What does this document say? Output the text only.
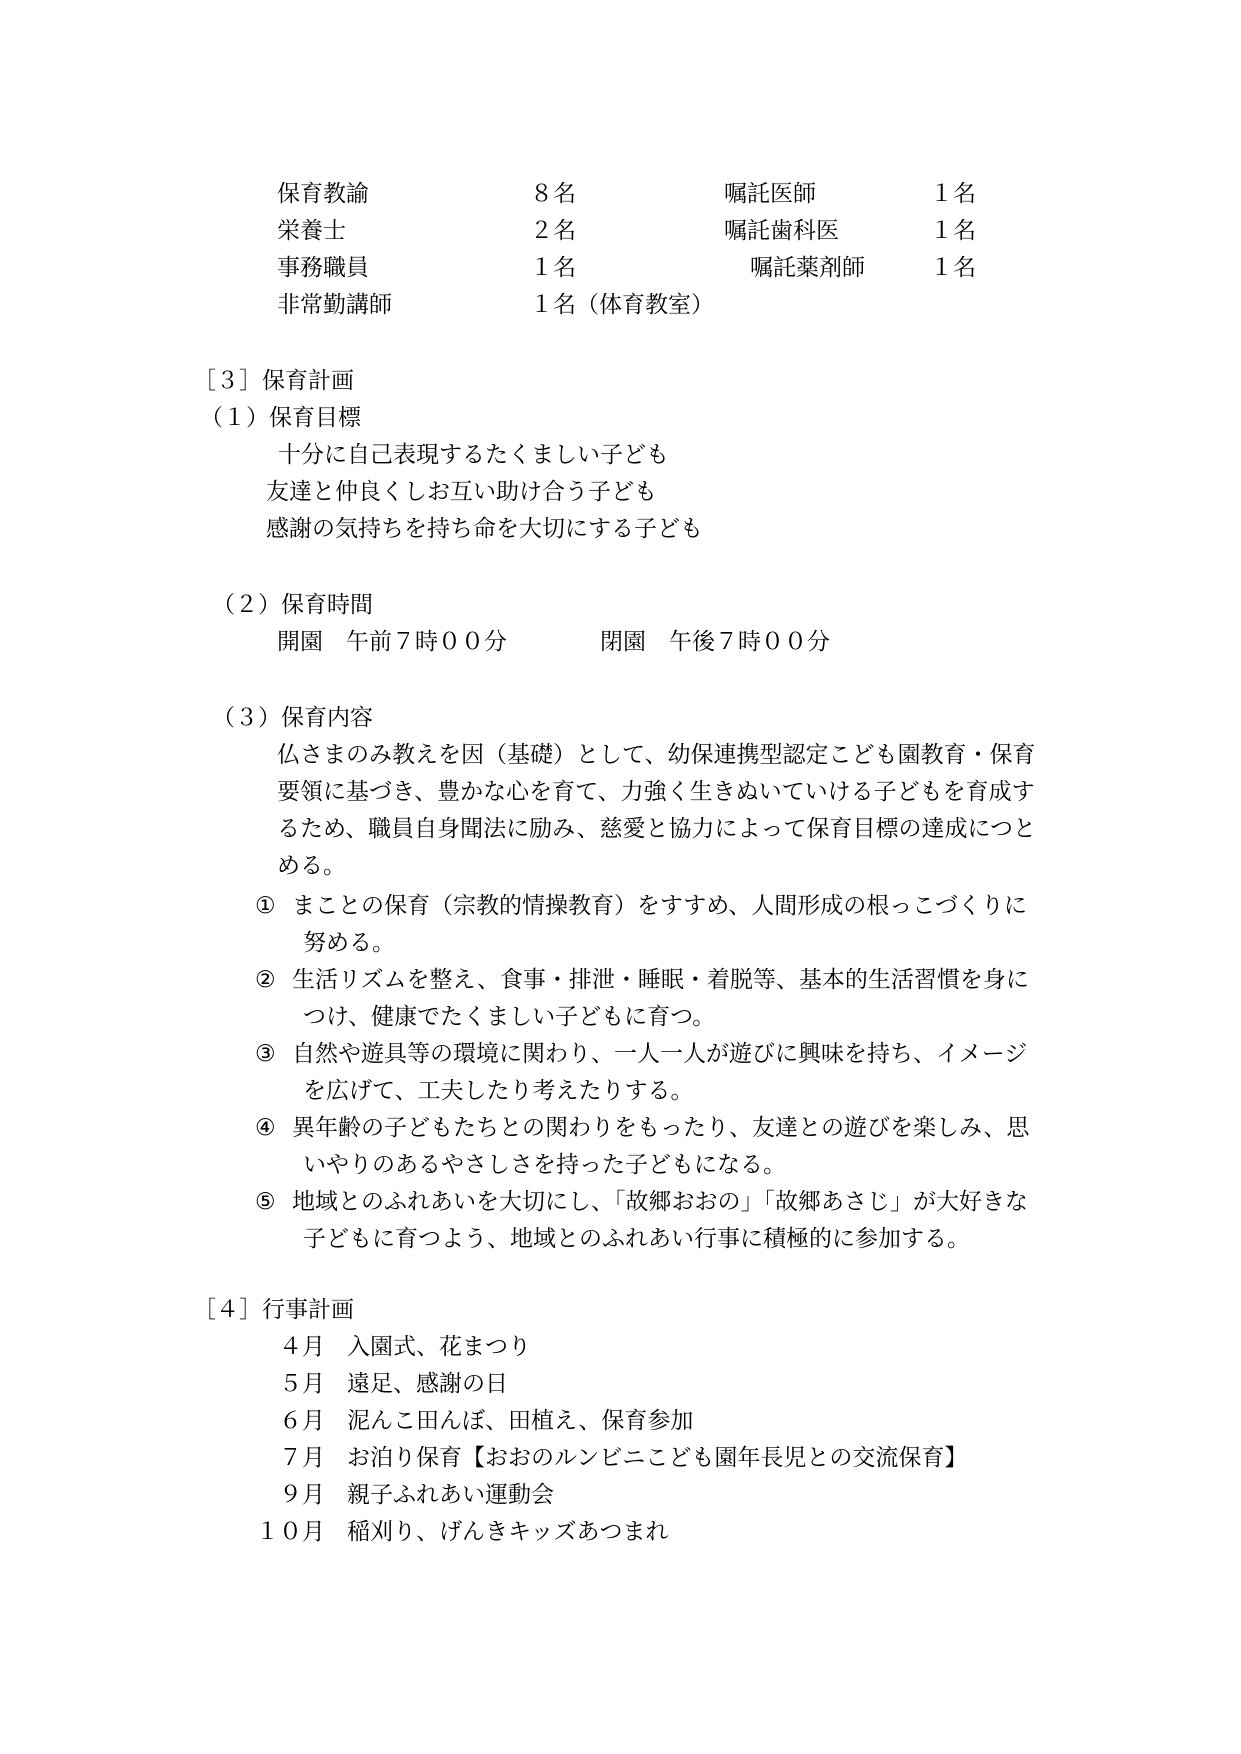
保育教諭	８名	嘱託医師	１名
栄養士	２名	嘱託歯科医	１名
事務職員	１名	嘱託薬剤師	１名
非常勤講師	１名（体育教室）
［３］保育計画
（１）保育目標
十分に自己表現するたくましい子ども
友達と仲良くしお互い助け合う子ども
感謝の気持ちを持ち命を大切にする子ども
（２）保育時間
開園　午前７時００分	閉園　午後７時００分
（３）保育内容
仏さまのみ教えを因（基礎）として、幼保連携型認定こども園教育・保育
要領に基づき、豊かな心を育て、力強く生きぬいていける子どもを育成す
るため、職員自身聞法に励み、慈愛と協力によって保育目標の達成につと
める。
① まことの保育（宗教的情操教育）をすすめ、人間形成の根っこづくりに
努める。
② 生活リズムを整え、食事・排泄・睡眠・着脱等、基本的生活習慣を身に
つけ、健康でたくましい子どもに育つ。
③ 自然や遊具等の環境に関わり、一人一人が遊びに興味を持ち、イメージ
を広げて、工夫したり考えたりする。
④ 異年齢の子どもたちとの関わりをもったり、友達との遊びを楽しみ、思
いやりのあるやさしさを持った子どもになる。
⑤ 地域とのふれあいを大切にし、「故郷おおの」「故郷あさじ」が大好きな
子どもに育つよう、地域とのふれあい行事に積極的に参加する。
［４］行事計画
４月 入園式、花まつり
５月 遠足、感謝の日
６月 泥んこ田んぼ、田植え、保育参加
７月 お泊り保育【おおのルンビニこども園年長児との交流保育】
９月 親子ふれあい運動会
１０月 稲刈り、げんきキッズあつまれ
